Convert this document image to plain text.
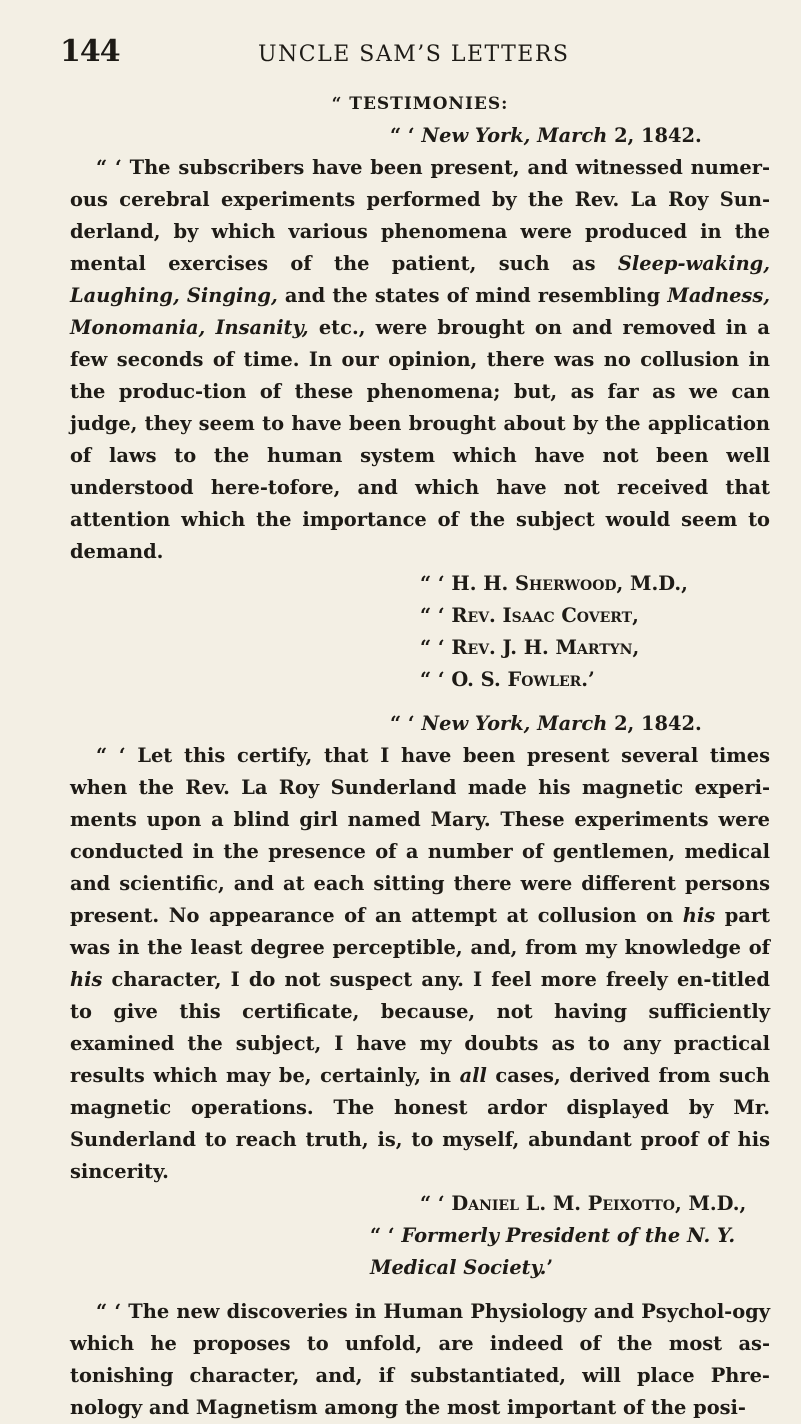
144	UNCLE SAM’S LETTERS

“ TESTIMONIES:

“ ‘ New York, March 2, 1842.

“ ‘ The subscribers have been present, and witnessed numer-ous cerebral experiments performed by the Rev. La Roy Sun-derland, by which various phenomena were produced in the mental exercises of the patient, such as Sleep-waking, Laughing, Singing, and the states of mind resembling Madness, Monomania, Insanity, etc., were brought on and removed in a few seconds of time. In our opinion, there was no collusion in the produc-tion of these phenomena; but, as far as we can judge, they seem to have been brought about by the application of laws to the human system which have not been well understood here-tofore, and which have not received that attention which the importance of the subject would seem to demand.

“ ‘ H. H. Sherwood, M.D.,

“ ‘ Rev. Isaac Covert,

“ ‘ Rev. J. H. Martyn,

“ ‘ O. S. Fowler.’

“ ‘ New York, March 2, 1842.

“ ‘ Let this certify, that I have been present several times when the Rev. La Roy Sunderland made his magnetic experi-ments upon a blind girl named Mary. These experiments were conducted in the presence of a number of gentlemen, medical and scientific, and at each sitting there were different persons present. No appearance of an attempt at collusion on his part was in the least degree perceptible, and, from my knowledge of his character, I do not suspect any. I feel more freely en-titled to give this certificate, because, not having sufficiently examined the subject, I have my doubts as to any practical results which may be, certainly, in all cases, derived from such magnetic operations. The honest ardor displayed by Mr. Sunderland to reach truth, is, to myself, abundant proof of his sincerity.

“ ‘ Daniel L. M. Peixotto, M.D.,

“ ‘ Formerly President of the N. Y. Medical Society.’

“ ‘ The new discoveries in Human Physiology and Psychol-ogy which he proposes to unfold, are indeed of the most as-tonishing character, and, if substantiated, will place Phre-nology and Magnetism among the most important of the posi-
